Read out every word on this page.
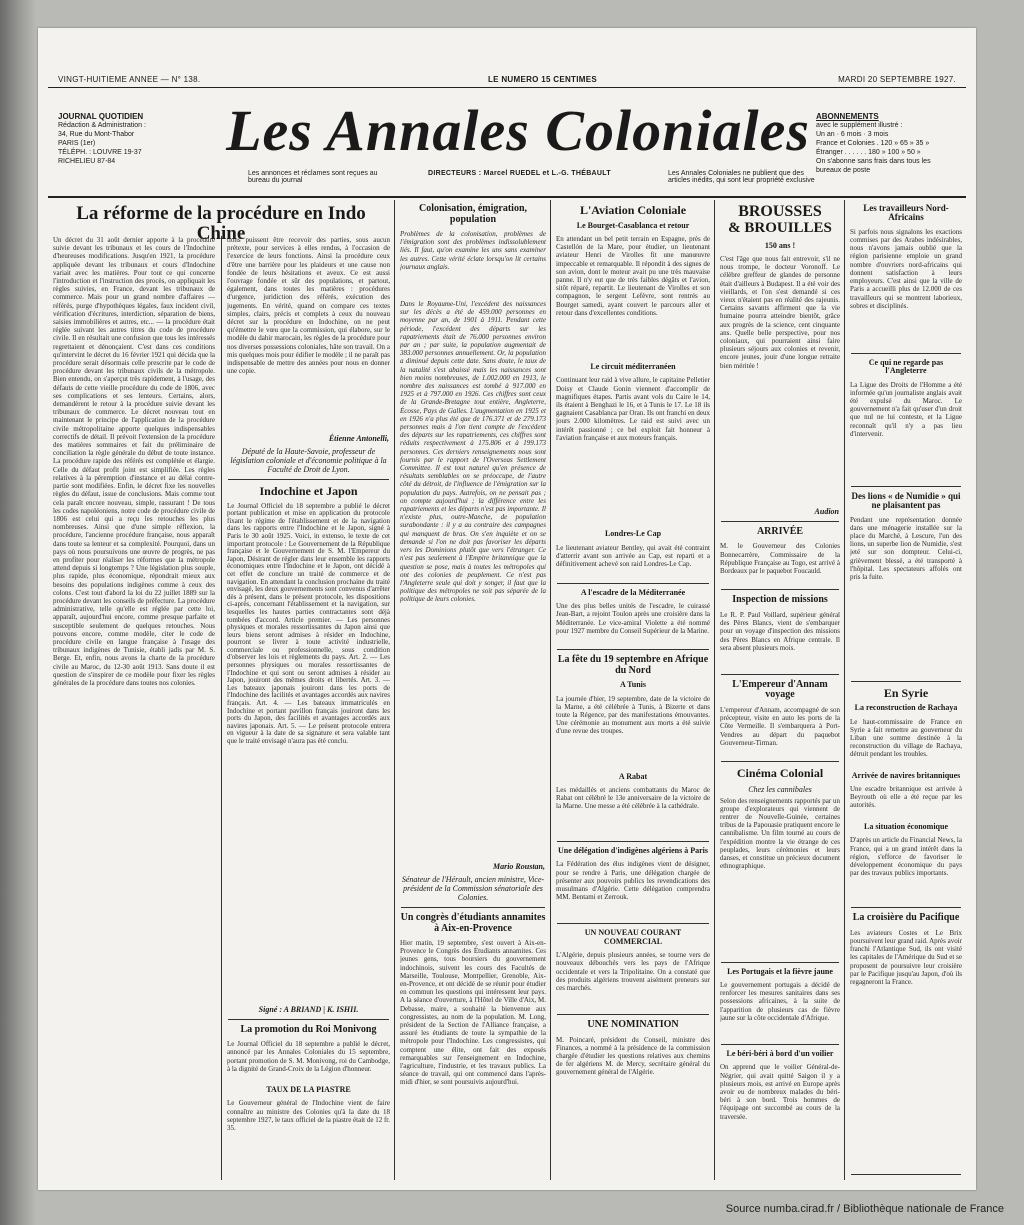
VINGT-HUITIEME ANNEE — N° 138.	LE NUMERO 15 CENTIMES	MARDI 20 SEPTEMBRE 1927.
JOURNAL QUOTIDIEN
Rédaction & Administration :
34, Rue du Mont-Thabor
PARIS (1er)
TÉLÉPH. : LOUVRE 19-37
RICHELIEU 87-84	Les Annales Coloniales
Les annonces et réclames sont reçues au bureau du journal
DIRECTEURS : Marcel RUEDEL et L.-G. THÉBAULT	Les Annales Coloniales ne publient que des articles inédits, qui sont leur propriété exclusive
ABONNEMENTS
avec le supplément illustré :
Un an · 6 mois · 3 mois
France et Colonies . 120 » 65 » 35 »
Étranger . . . . . . 180 » 100 » 50 »
On s'abonne sans frais dans tous les bureaux de poste
La réforme de la procédure en Indo Chine
Un décret du 31 août dernier apporte à la procédure suivie devant les tribunaux et les cours de l'Indochine d'heureuses modifications. Jusqu'en 1921, la procédure appliquée devant les tribunaux et cours d'Indochine variait avec les matières. Pour tout ce qui concerne l'introduction et l'instruction des procès, on appliquait les règles suivies, en France, devant les tribunaux de commerce. Mais pour un grand nombre d'affaires — référés, purge d'hypothèques légales, faux incident civil, vérification d'écritures, interdiction, séparation de biens, saisies immobilières et autres, etc... — la procédure était réglée suivant les autres titres du code de procédure civile. Il en résultait une confusion que tous les intéressés regrettaient et dénonçaient. C'est dans ces conditions qu'intervint le décret du 16 février 1921 qui décida que la procédure serait désormais celle prescrite par le code de procédure devant les tribunaux civils de la métropole. Bien entendu, on s'aperçut très rapidement, à l'usage, des défauts de cette vieille procédure du code de 1806, avec ses complications et ses lenteurs. Certains, alors, demandèrent le retour à la procédure suivie devant les tribunaux de commerce. Le décret nouveau tout en maintenant le principe de l'application de la procédure civile métropolitaine apporte quelques indispensables correctifs de détail. Il prévoit l'extension de la procédure des matières sommaires et fait du préliminaire de conciliation la règle générale du début de toute instance. La procédure rapide des référés est complétée et élargie. Celle du défaut profit joint est simplifiée. Les règles relatives à la péremption d'instance et au délai contre-partie sont modifiées. Enfin, le décret fixe les nouvelles règles du défaut, issue de conclusions. Mais comme tout cela paraît encore nouveau, simple, rassurant ! De tous les codes napoléoniens, notre code de procédure civile de 1806 est celui qui a reçu les retouches les plus nombreuses. Ainsi que d'une simple réflexion, la procédure, l'ancienne procédure française, nous apparaît dans toute sa lenteur et sa complexité. Pourquoi, dans un pays où nous poursuivons une œuvre de progrès, ne pas en profiter pour réaliser les réformes que la métropole attend depuis si longtemps ? Une législation plus souple, plus rapide, plus économique, répondrait mieux aux besoins des populations indigènes comme à ceux des colons. C'est tout d'abord la loi du 22 juillet 1889 sur la procédure devant les conseils de préfecture. La procédure administrative, telle qu'elle est réglée par cette loi, apparaît, aujourd'hui encore, comme presque parfaite et susceptible seulement de quelques retouches. Nous pouvons encore, comme modèle, citer le code de procédure civile en langue française à l'usage des tribunaux indigènes de Tunisie, établi jadis par M. S. Berge. Et, enfin, nous avons la charte de la procédure civile au Maroc, du 12-30 août 1913. Sans doute il est question de s'inspirer de ce modèle pour fixer les règles générales de la procédure dans toutes nos colonies.
tions puissent être recevoir des parties, sous aucun prétexte, pour services à elles rendus, à l'occasion de l'exercice de leurs fonctions. Ainsi la procédure ceux d'être une barrière pour les plaideurs et une cause non fondée de leurs hésitations et aveux. Ce est aussi l'ouvrage fondée et sûr des populations, et partout, également, dans toutes les matières : procédures d'urgence, juridiction des référés, exécution des jugements. En vérité, quand on compare ces textes simples, clairs, précis et complets à ceux du nouveau décret sur la procédure en Indochine, on ne peut qu'émettre le vœu que la commission, qui élabore, sur le modèle du dahir marocain, les règles de la procédure pour nos diverses possessions coloniales, hâte son travail. On a mis quelques mois pour édifier le modèle ; il ne paraît pas indispensable de mettre des années pour nous en donner une copie.
Étienne Antonelli,
Député de la Haute-Savoie, professeur de législation coloniale et d'économie politique à la Faculté de Droit de Lyon.
Indochine et Japon
Le Journal Officiel du 18 septembre a publié le décret portant publication et mise en application du protocole fixant le régime de l'établissement et de la navigation dans les rapports entre l'Indochine et le Japon, signé à Paris le 30 août 1925. Voici, in extenso, le texte de cet important protocole : Le Gouvernement de la République française et le Gouvernement de S. M. l'Empereur du Japon, Désirant de régler dans leur ensemble les rapports économiques entre l'Indochine et le Japon, ont décidé à cet effet de conclure un traité de commerce et de navigation. En attendant la conclusion prochaine du traité envisagé, les deux gouvernements sont convenus d'arrêter dès à présent, dans le présent protocole, les dispositions ci-après, concernant l'établissement et la navigation, sur lesquelles les hautes parties contractantes sont déjà tombées d'accord. Article premier. — Les personnes physiques et morales ressortissantes du Japon ainsi que leurs biens seront admises à résider en Indochine, pourront se livrer à toute activité industrielle, commerciale ou professionnelle, sous condition d'observer les lois et règlements du pays. Art. 2. — Les personnes physiques ou morales ressortissantes de l'Indochine et qui sont ou seront admises à résider au Japon, jouiront des mêmes droits et libertés. Art. 3. — Les bateaux japonais jouiront dans les ports de l'Indochine des facilités et avantages accordés aux navires français. Art. 4. — Les bateaux immatriculés en Indochine et portant pavillon français jouiront dans les ports du Japon, des facilités et avantages accordés aux navires japonais. Art. 5. — Le présent protocole entrera en vigueur à la date de sa signature et sera valable tant que le traité envisagé n'aura pas été conclu.
Signé : A BRIAND | K. ISHII.
La promotion du Roi Monivong
Le Journal Officiel du 18 septembre a publié le décret, annoncé par les Annales Coloniales du 15 septembre, portant promotion de S. M. Monivong, roi du Cambodge, à la dignité de Grand-Croix de la Légion d'honneur.
TAUX DE LA PIASTRE
Le Gouverneur général de l'Indochine vient de faire connaître au ministre des Colonies qu'à la date du 18 septembre 1927, le taux officiel de la piastre était de 12 fr. 35.
Colonisation, émigration, population
Problèmes de la colonisation, problèmes de l'émigration sont des problèmes indissolublement liés. Il faut, qu'on examine les uns sans examiner les autres. Cette vérité éclate lorsqu'on lit certains journaux anglais.
Dans le Royaume-Uni, l'excédent des naissances sur les décès a été de 459.000 personnes en moyenne par an, de 1901 à 1911. Pendant cette période, l'excédent des départs sur les rapatriements était de 76.000 personnes environ par an ; par suite, la population augmentait de 383.000 personnes annuellement. Or, la population a diminué depuis cette date. Sans doute, le taux de la natalité s'est abaissé mais les naissances sont bien moins nombreuses, de 1.002.000 en 1913, le nombre des naissances est tombé à 917.000 en 1925 et à 797.000 en 1926. Ces chiffres sont ceux de la Grande-Bretagne tout entière, Angleterre, Écosse, Pays de Galles. L'augmentation en 1925 et en 1926 n'a plus été que de 176.371 et de 279.173 personnes mais à l'on tient compte de l'excédent des départs sur les rapatriements, ces chiffres sont réduits respectivement à 175.806 et à 199.173 personnes. Ces derniers renseignements nous sont fournis par le rapport de l'Overseas Settlement Committee. Il est tout naturel qu'en présence de résultats semblables on se préoccupe, de l'autre côté du détroit, de l'influence de l'émigration sur la population du pays. Autrefois, on ne pensait pas ; on compte aujourd'hui ; la différence entre les rapatriements et les départs n'est pas importante. Il n'existe plus, outre-Manche, de population surabondante : il y a au contraire des campagnes qui manquent de bras. On s'en inquiète et on se demande si l'on ne doit pas favoriser les départs vers les Dominions plutôt que vers l'étranger. Ce n'est pas seulement à l'Empire britannique que la question se pose, mais à toutes les métropoles qui ont des colonies de peuplement. Ce n'est pas l'Angleterre seule qui doit y songer, il faut que la politique des métropoles ne soit pas séparée de la politique de leurs colonies.
Mario Roustan,
Sénateur de l'Hérault, ancien ministre, Vice-président de la Commission sénatoriale des Colonies.
Un congrès d'étudiants annamites à Aix-en-Provence
Hier matin, 19 septembre, s'est ouvert à Aix-en-Provence le Congrès des Étudiants annamites. Ces jeunes gens, tous boursiers du gouvernement indochinois, suivent les cours des Facultés de Marseille, Toulouse, Montpellier, Grenoble, Aix-en-Provence, et ont décidé de se réunir pour étudier en commun les questions qui intéressent leur pays. A la séance d'ouverture, à l'Hôtel de Ville d'Aix, M. Debasse, maire, a souhaité la bienvenue aux congressistes, au nom de la population. M. Long, président de la Section de l'Alliance française, a assuré les étudiants de toute la sympathie de la métropole pour l'Indochine. Les congressistes, qui comptent une élite, ont fait des exposés remarquables sur l'enseignement en Indochine, l'agriculture, l'industrie, et les travaux publics. La séance de travail, qui ont commencé dans l'après-midi d'hier, se sont poursuivis aujourd'hui.
L'Aviation Coloniale
Le Bourget-Casablanca et retour
En attendant un bel petit terrain en Espagne, près de Castellón de la Mare, pour étudier, un lieutenant aviateur Henri de Virolles fit une manœuvre impeccable et remarquable. Il répondit à des signes de son avion, dont le moteur avait pu une très mauvaise panne. Il n'y eut que de très faibles dégâts et l'avion, sitôt réparé, repartit. Le lieutenant de Virolles et son compagnon, le sergent Lefèvre, sont rentrés au Bourget samedi, ayant couvert le parcours aller et retour dans d'excellentes conditions.
Le circuit méditerranéen
Continuant leur raid à vive allure, le capitaine Pelletier Doisy et Claude Gonin viennent d'accomplir de magnifiques étapes. Partis avant vols du Caire le 14, ils étaient à Benghazi le 16, et à Tunis le 17. Le 18 ils gagnaient Casablanca par Oran. Ils ont franchi en deux jours 2.000 kilomètres. Le raid est suivi avec un intérêt passionné ; ce bel exploit fait honneur à l'aviation française et aux moteurs français.
Londres-Le Cap
Le lieutenant aviateur Bentley, qui avait été contraint d'atterrir avant son arrivée au Cap, est reparti et a définitivement achevé son raid Londres-Le Cap.
A l'escadre de la Méditerranée
Une des plus belles unités de l'escadre, le cuirassé Jean-Bart, a rejoint Toulon après une croisière dans la Méditerranée. Le vice-amiral Violette a été nommé pour 1927 membre du Conseil Supérieur de la Marine.
La fête du 19 septembre en Afrique du Nord
A Tunis
La journée d'hier, 19 septembre, date de la victoire de la Marne, a été célébrée à Tunis, à Bizerte et dans toute la Régence, par des manifestations émouvantes. Une cérémonie au monument aux morts a été suivie d'une revue des troupes.
A Rabat
Les médaillés et anciens combattants du Maroc de Rabat ont célébré le 13e anniversaire de la victoire de la Marne. Une messe a été célébrée à la cathédrale.
Une délégation d'indigènes algériens à Paris
La Fédération des élus indigènes vient de désigner, pour se rendre à Paris, une délégation chargée de présenter aux pouvoirs publics les revendications des musulmans d'Algérie. Cette délégation comprendra MM. Bentami et Zerrouk.
UN NOUVEAU COURANT COMMERCIAL
L'Algérie, depuis plusieurs années, se tourne vers de nouveaux débouchés vers les pays de l'Afrique occidentale et vers la Tripolitaine. On a constaté que des produits algériens trouvent aisément preneurs sur ces marchés.
UNE NOMINATION
M. Poincaré, président du Conseil, ministre des Finances, a nommé à la présidence de la commission chargée d'étudier les questions relatives aux chemins de fer algériens M. de Mercy, secrétaire général du gouvernement général de l'Algérie.
BROUSSES
& BROUILLES
150 ans !
C'est l'âge que nous fait entrevoir, s'il ne nous trompe, le docteur Voronoff. Le célèbre greffeur de glandes de personne était d'ailleurs à Budapest. Il a été voir des vieillards, et l'on s'est demandé si ces vieux n'étaient pas en réalité des rajeunis. Certains savants affirment que la vie humaine pourra atteindre bientôt, grâce aux progrès de la science, cent cinquante ans. Quelle belle perspective, pour nos coloniaux, qui pourraient ainsi faire plusieurs séjours aux colonies et revenir, encore jeunes, jouir d'une longue retraite bien méritée !
Audion
ARRIVÉE
M. le Gouverneur des Colonies Bonnecarrère, Commissaire de la République Française au Togo, est arrivé à Bordeaux par le paquebot Foucauld.
Inspection de missions
Le R. P. Paul Voillard, supérieur général des Pères Blancs, vient de s'embarquer pour un voyage d'inspection des missions des Pères Blancs en Afrique centrale. Il sera absent plusieurs mois.
L'Empereur d'Annam voyage
L'empereur d'Annam, accompagné de son précepteur, visite en auto les ports de la Côte Vermeille. Il s'embarquera à Port-Vendres au départ du paquebot Gouverneur-Tirman.
Cinéma Colonial
Chez les cannibales
Selon des renseignements rapportés par un groupe d'explorateurs qui viennent de rentrer de Nouvelle-Guinée, certaines tribus de la Papouasie pratiquent encore le cannibalisme. Un film tourné au cours de l'expédition montre la vie étrange de ces peuplades, leurs cérémonies et leurs danses, et constitue un précieux document ethnographique.
Les Portugais et la fièvre jaune
Le gouvernement portugais a décidé de renforcer les mesures sanitaires dans ses possessions africaines, à la suite de l'apparition de plusieurs cas de fièvre jaune sur la côte occidentale d'Afrique.
Le béri-béri à bord d'un voilier
On apprend que le voilier Général-de-Négrier, qui avait quitté Saigon il y a plusieurs mois, est arrivé en Europe après avoir eu de nombreux malades du béri-béri à son bord. Trois hommes de l'équipage ont succombé au cours de la traversée.
Les travailleurs Nord-Africains
Si parfois nous signalons les exactions commises par des Arabes indésirables, nous n'avons jamais oublié que la région parisienne emploie un grand nombre d'ouvriers nord-africains qui donnent satisfaction à leurs employeurs. C'est ainsi que la ville de Paris a accueilli plus de 12.000 de ces travailleurs qui se montrent laborieux, sobres et disciplinés.
Ce qui ne regarde pas l'Angleterre
La Ligue des Droits de l'Homme a été informée qu'un journaliste anglais avait été expulsé du Maroc. Le gouvernement n'a fait qu'user d'un droit que nul ne lui conteste, et la Ligue reconnaît qu'il n'y a pas lieu d'intervenir.
Des lions « de Numidie » qui ne plaisantent pas
Pendant une représentation donnée dans une ménagerie installée sur la place du Marché, à Lescure, l'un des lions, un superbe lion de Numidie, s'est jeté sur son dompteur. Celui-ci, grièvement blessé, a été transporté à l'hôpital. Les spectateurs affolés ont pris la fuite.
En Syrie
La reconstruction de Rachaya
Le haut-commissaire de France en Syrie a fait remettre au gouverneur du Liban une somme destinée à la reconstruction du village de Rachaya, détruit pendant les troubles.
Arrivée de navires britanniques
Une escadre britannique est arrivée à Beyrouth où elle a été reçue par les autorités.
La situation économique
D'après un article du Financial News, la France, qui a un grand intérêt dans la région, s'efforce de favoriser le développement économique du pays par des travaux publics importants.
La croisière du Pacifique
Les aviateurs Costes et Le Brix poursuivent leur grand raid. Après avoir franchi l'Atlantique Sud, ils ont visité les capitales de l'Amérique du Sud et se proposent de poursuivre leur croisière par le Pacifique jusqu'au Japon, d'où ils regagneront la France.
Source numba.cirad.fr / Bibliothèque nationale de France
